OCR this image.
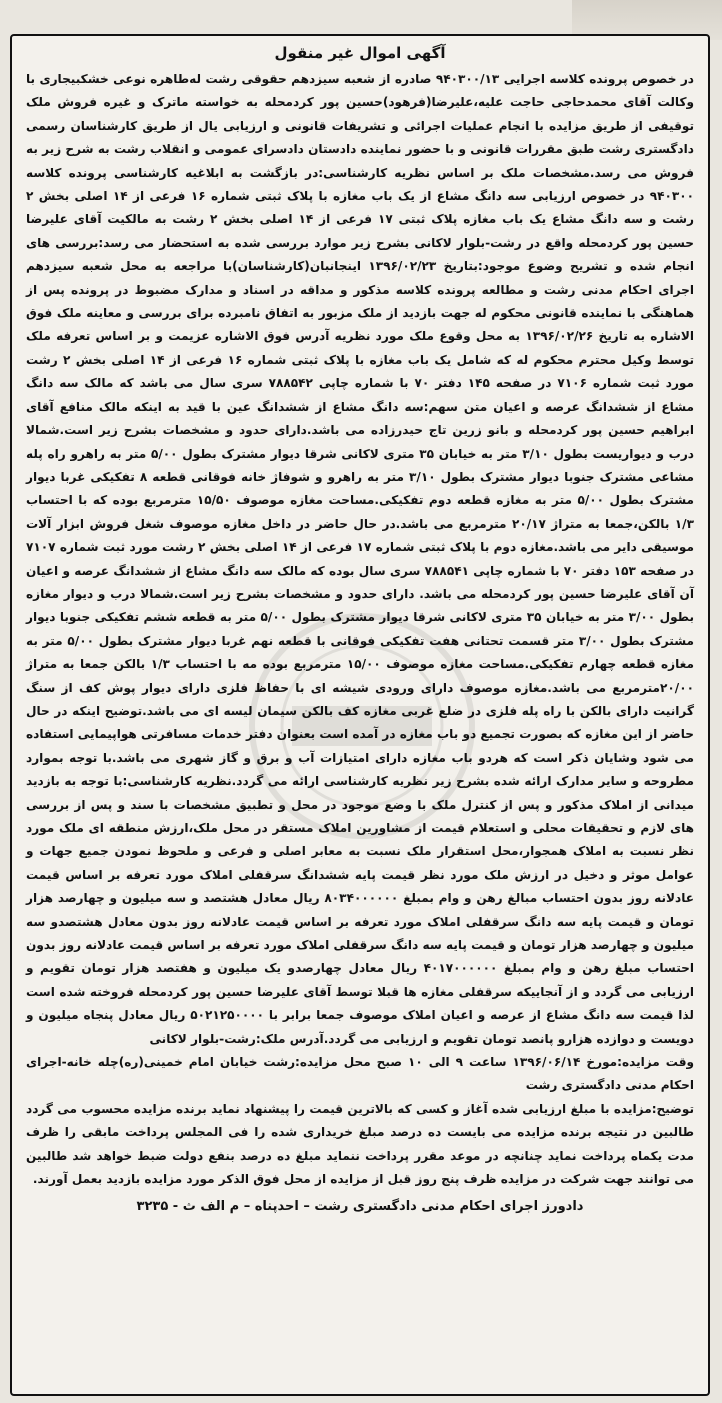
آگهی اموال غیر منقول

در خصوص پرونده کلاسه اجرایی ۹۴۰۳۰۰/۱۳ صادره از شعبه سیزدهم حقوقی رشت له‌طاهره نوعی خشکبیجاری با وکالت آقای محمدحاجی حاجت علیه،علیرضا(فرهود)حسین پور کردمحله به خواسته ماترک و غیره فروش ملک توقیفی از طریق مزایده با انجام عملیات اجرائی و تشریفات قانونی و ارزیابی یال از طریق کارشناسان رسمی دادگستری رشت طبق مقررات قانونی و با حضور نماینده دادستان دادسرای عمومی و انقلاب رشت به شرح زیر به فروش می رسد.مشخصات ملک بر اساس نظریه کارشناسی:در بازگشت به ابلاغیه کارشناسی پرونده کلاسه ۹۴۰۳۰۰ در خصوص ارزیابی سه دانگ مشاع از یک باب مغازه با پلاک ثبتی شماره ۱۶ فرعی از ۱۴ اصلی بخش ۲ رشت و سه دانگ مشاع یک باب مغازه پلاک ثبتی ۱۷ فرعی از ۱۴ اصلی بخش ۲ رشت به مالکیت آقای علیرضا حسین پور کردمحله واقع در رشت-بلوار لاکانی بشرح زیر موارد بررسی شده به استحضار می رسد:بررسی های انجام شده و تشریح وضوع موجود:بتاریخ ۱۳۹۶/۰۲/۲۳ اینجانبان(کارشناسان)با مراجعه به محل شعبه سیزدهم اجرای احکام مدنی رشت و مطالعه پرونده کلاسه مذکور و مداقه در اسناد و مدارک مضبوط در پرونده پس از هماهنگی با نماینده قانونی محکوم له جهت بازدید از ملک مزبور به اتفاق نامبرده برای بررسی و معاینه ملک فوق الاشاره به تاریخ ۱۳۹۶/۰۲/۲۶ به محل وقوع ملک مورد نظریه آدرس فوق الاشاره عزیمت و بر اساس تعرفه ملک توسط وکیل محترم محکوم له که شامل یک باب مغازه با پلاک ثبتی شماره ۱۶ فرعی از ۱۴ اصلی بخش ۲ رشت مورد ثبت شماره ۷۱۰۶ در صفحه ۱۴۵ دفتر ۷۰ با شماره چاپی ۷۸۸۵۴۲ سری سال می باشد که مالک سه دانگ مشاع از ششدانگ عرصه و اعیان متن سهم:سه دانگ مشاع از ششدانگ عین با قید به اینکه مالک منافع آقای ابراهیم حسین پور کردمحله و بانو زرین تاج حیدرزاده می باشد.دارای حدود و مشخصات بشرح زیر است.شمالا درب و دیواریست بطول ۳/۱۰ متر به خیابان ۳۵ متری لاکانی شرقا دیوار مشترک بطول ۵/۰۰ متر به راهرو راه پله مشاعی مشترک جنوبا دیوار مشترک بطول ۳/۱۰ متر به راهرو و شوفاژ خانه فوقانی قطعه ۸ تفکیکی غربا دیوار مشترک بطول ۵/۰۰ متر به مغازه قطعه دوم تفکیکی.مساحت مغازه موصوف ۱۵/۵۰ مترمربع بوده که با احتساب ۱/۳ بالکن،جمعا به متراژ ۲۰/۱۷ مترمربع می باشد.در حال حاضر در داخل مغازه موصوف شغل فروش ابزار آلات موسیقی دایر می باشد.مغازه دوم با پلاک ثبتی شماره ۱۷ فرعی از ۱۴ اصلی بخش ۲ رشت مورد ثبت شماره ۷۱۰۷ در صفحه ۱۵۳ دفتر ۷۰ با شماره چاپی ۷۸۸۵۴۱ سری سال بوده که مالک سه دانگ مشاع از ششدانگ عرصه و اعیان آن آقای علیرضا حسین پور کردمحله می باشد. دارای حدود و مشخصات بشرح زیر است.شمالا درب و دیوار مغازه بطول ۳/۰۰ متر به خیابان ۳۵ متری لاکانی شرقا دیوار مشترک بطول ۵/۰۰ متر به قطعه ششم تفکیکی جنوبا دیوار مشترک بطول ۳/۰۰ متر قسمت تحتانی هفت تفکیکی فوقانی با قطعه نهم غربا دیوار مشترک بطول ۵/۰۰ متر به مغازه قطعه چهارم تفکیکی.مساحت مغازه موصوف ۱۵/۰۰ مترمربع بوده مه با احتساب ۱/۳ بالکن جمعا به متراژ ۲۰/۰۰مترمربع می باشد.مغازه موصوف دارای ورودی شیشه ای با حفاظ فلزی دارای دیوار پوش کف از سنگ گرانیت دارای بالکن با راه پله فلزی در ضلع غربی مغازه کف بالکن سیمان لیسه ای می باشد.توضیح اینکه در حال حاضر از این مغازه که بصورت تجمیع دو باب مغازه در آمده است بعنوان دفتر خدمات مسافرتی هواپیمایی استفاده می شود وشایان ذکر است که هردو باب مغازه دارای امتیازات آب و برق و گاز شهری می باشد.با توجه بموارد مطروحه و سایر مدارک ارائه شده بشرح زیر نظریه کارشناسی ارائه می گردد.نظریه کارشناسی:با توجه به بازدید میدانی از املاک مذکور و پس از کنترل ملک با وضع موجود در محل و تطبیق مشخصات با سند و پس از بررسی های لازم و تحقیقات محلی و استعلام قیمت از مشاورین املاک مستقر در محل ملک،ارزش منطقه ای ملک مورد نظر نسبت به املاک همجوار،محل استقرار ملک نسبت به معابر اصلی و فرعی و ملحوظ نمودن جمیع جهات و عوامل موثر و دخیل در ارزش ملک مورد نظر قیمت پایه ششدانگ سرقفلی املاک مورد تعرفه بر اساس قیمت عادلانه روز بدون احتساب مبالغ رهن و وام بمبلغ ۸۰۳۴۰۰۰۰۰۰ ریال معادل هشتصد و سه میلیون و چهارصد هزار تومان و قیمت پایه سه دانگ سرقفلی املاک مورد تعرفه بر اساس قیمت عادلانه روز بدون معادل هشتصدو سه میلیون و چهارصد هزار تومان و قیمت پایه سه دانگ سرقفلی املاک مورد تعرفه بر اساس قیمت عادلانه روز بدون احتساب مبلغ رهن و وام بمبلغ ۴۰۱۷۰۰۰۰۰۰ ریال معادل چهارصدو یک میلیون و هفتصد هزار تومان تقویم و ارزیابی می گردد و از آنجاییکه سرقفلی مغازه ها قبلا توسط آقای علیرضا حسین پور کردمحله فروخته شده است لذا قیمت سه دانگ مشاع از عرصه و اعیان املاک موصوف جمعا برابر با ۵۰۲۱۲۵۰۰۰۰ ریال معادل پنجاه میلیون و دویست و دوازده هزارو پانصد تومان تقویم و ارزیابی می گردد.آدرس ملک:رشت-بلوار لاکانی

وقت مزایده:مورخ ۱۳۹۶/۰۶/۱۴ ساعت ۹ الی ۱۰ صبح محل مزایده:رشت خیابان امام خمینی(ره)چله خانه-اجرای احکام مدنی دادگستری رشت

توضیح:مزایده با مبلغ ارزیابی شده آغاز و کسی که بالاترین قیمت را پیشنهاد نماید برنده مزایده محسوب می گردد طالبین در نتیجه برنده مزایده می بایست ده درصد مبلغ خریداری شده را فی المجلس پرداخت مابقی را ظرف مدت یکماه پرداخت نماید چنانچه در موعد مقرر پرداخت ننماید مبلغ ده درصد بنفع دولت ضبط خواهد شد طالبین می توانند جهت شرکت در مزایده ظرف پنج روز قبل از مزایده از محل فوق الذکر مورد مزایده بازدید بعمل آورند.

دادورز اجرای احکام مدنی دادگستری رشت – احدپناه – م الف ث - ۳۲۳۵
